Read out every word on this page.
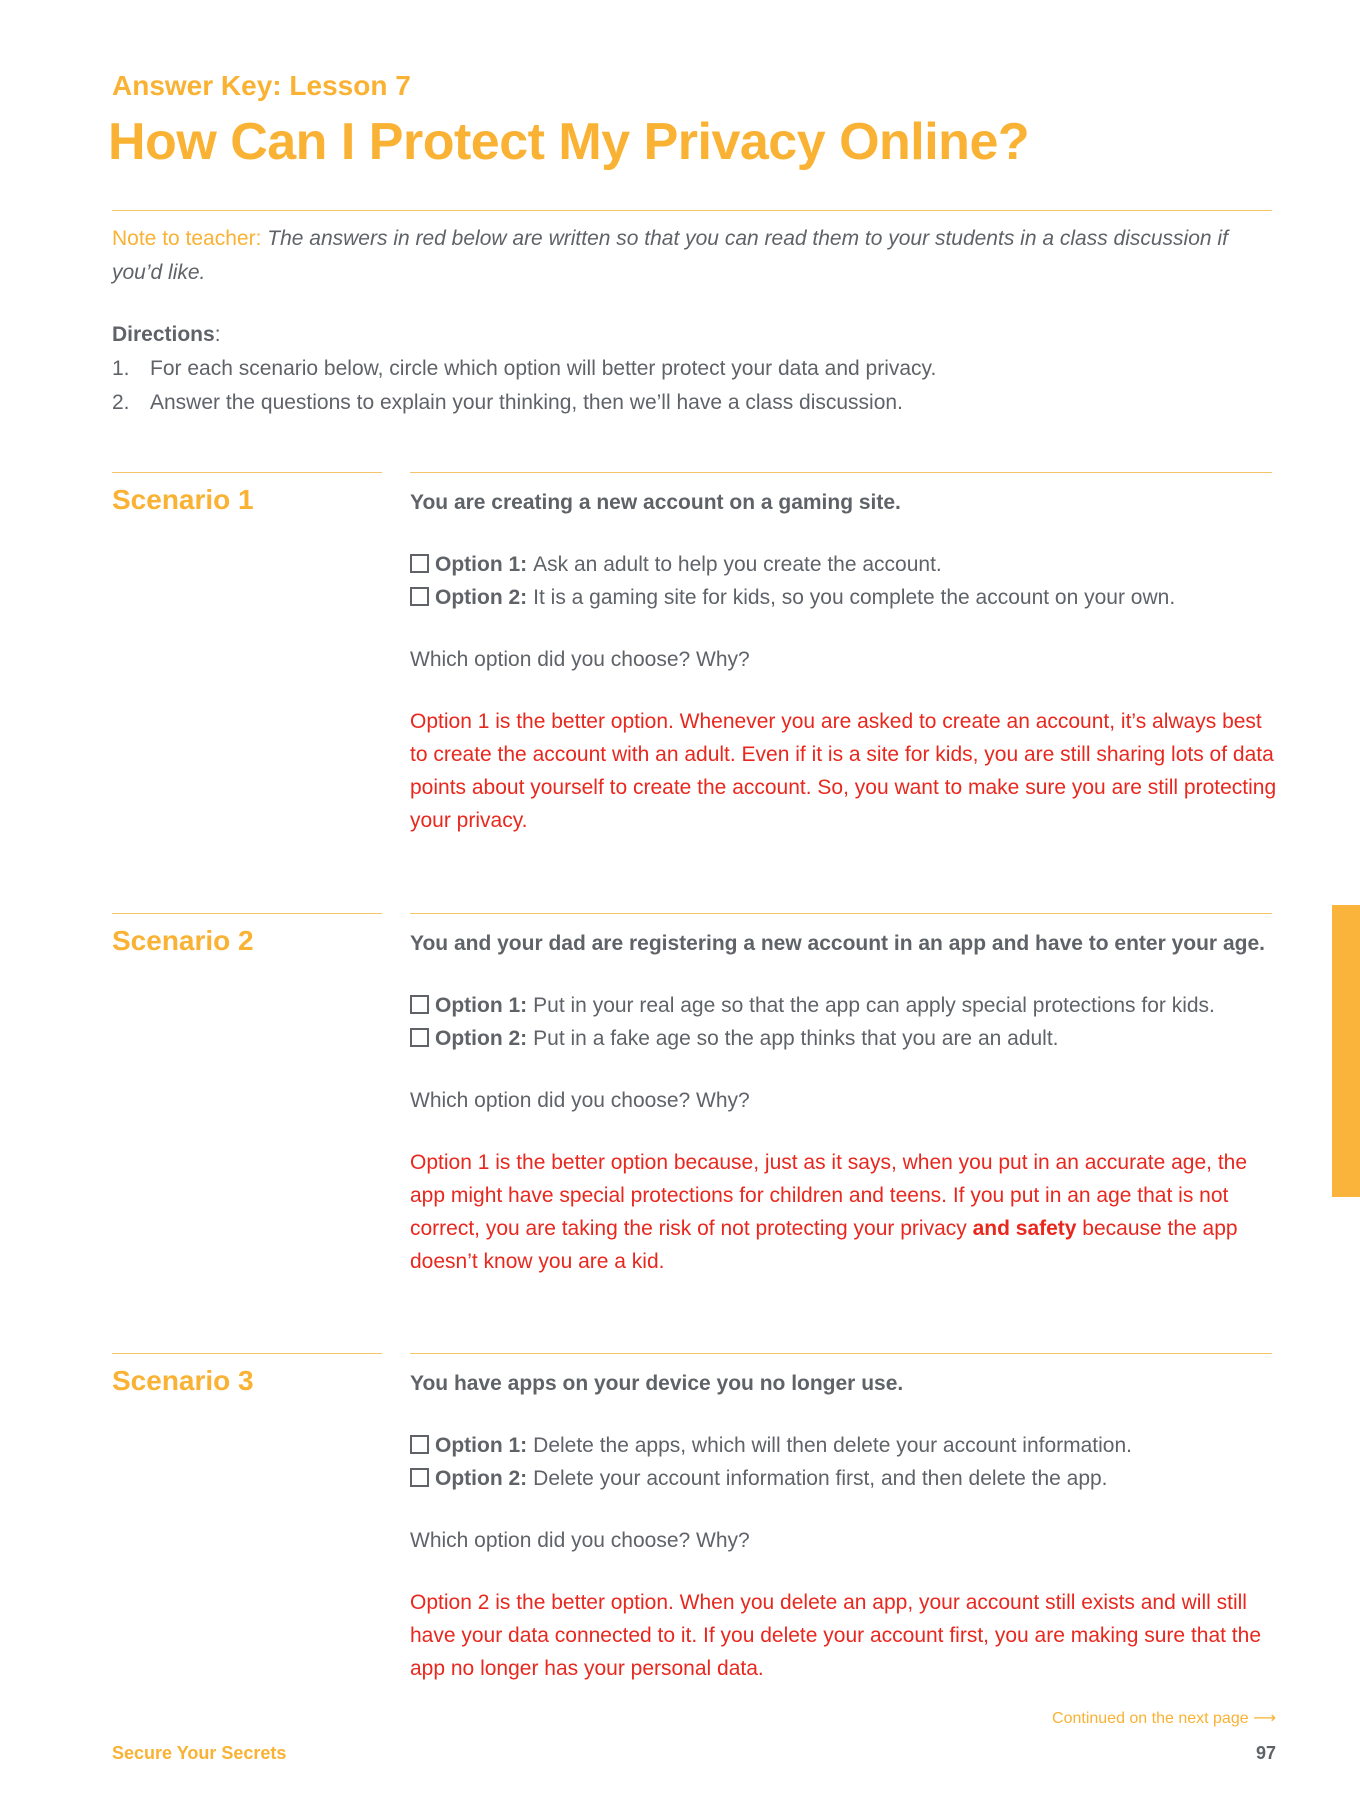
Answer Key: Lesson 7
How Can I Protect My Privacy Online?
Note to teacher: The answers in red below are written so that you can read them to your students in a class discussion if you’d like.
Directions:
1. For each scenario below, circle which option will better protect your data and privacy.
2. Answer the questions to explain your thinking, then we’ll have a class discussion.
Scenario 1	You are creating a new account on a gaming site.
Option 1: Ask an adult to help you create the account.
Option 2: It is a gaming site for kids, so you complete the account on your own.
Which option did you choose? Why?
Option 1 is the better option. Whenever you are asked to create an account, it’s always best to create the account with an adult. Even if it is a site for kids, you are still sharing lots of data points about yourself to create the account. So, you want to make sure you are still protecting your privacy.
Scenario 2	You and your dad are registering a new account in an app and have to enter your age.
Option 1: Put in your real age so that the app can apply special protections for kids.
Option 2: Put in a fake age so the app thinks that you are an adult.
Which option did you choose? Why?
Option 1 is the better option because, just as it says, when you put in an accurate age, the app might have special protections for children and teens. If you put in an age that is not correct, you are taking the risk of not protecting your privacy and safety because the app doesn’t know you are a kid.
Scenario 3	You have apps on your device you no longer use.
Option 1: Delete the apps, which will then delete your account information.
Option 2: Delete your account information first, and then delete the app.
Which option did you choose? Why?
Option 2 is the better option. When you delete an app, your account still exists and will still have your data connected to it. If you delete your account first, you are making sure that the app no longer has your personal data.
Continued on the next page ⟶
Secure Your Secrets	97
